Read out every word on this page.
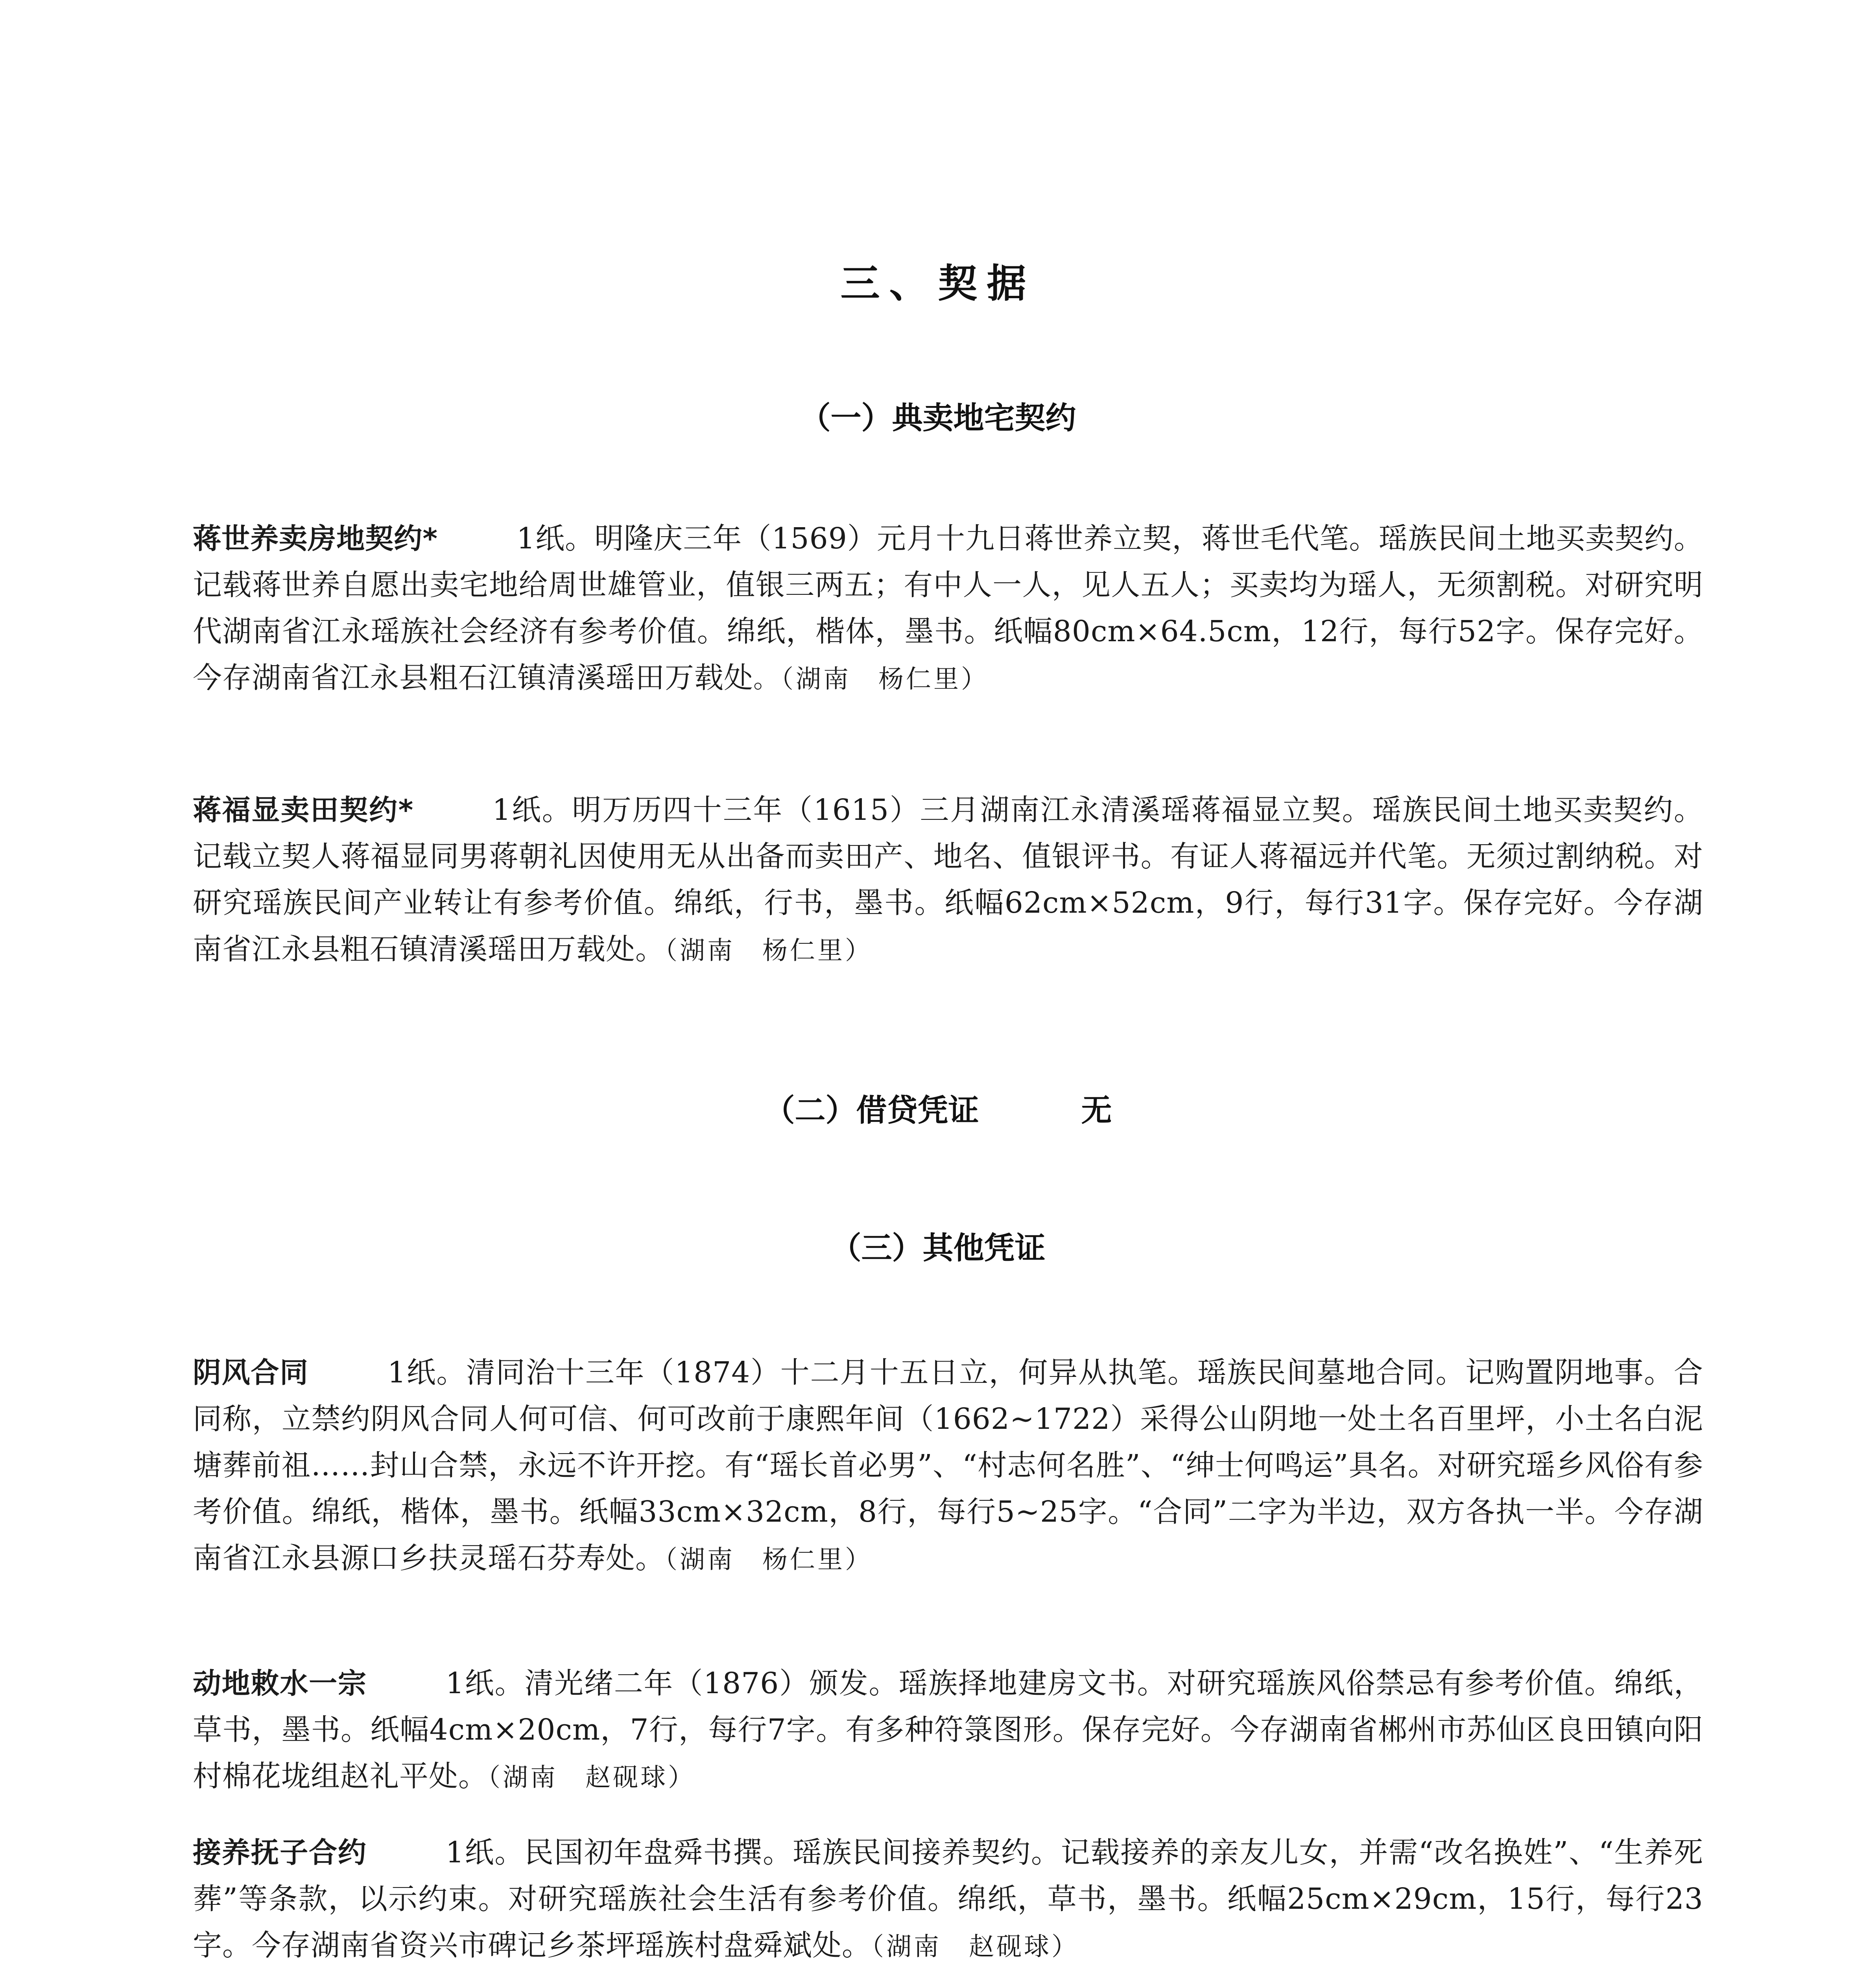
三、契据
（一）典卖地宅契约
蒋世养卖房地契约*	1纸。明隆庆三年（1569）元月十九日蒋世养立契，蒋世毛代笔。瑶族民间土地买卖契约。记载蒋世养自愿出卖宅地给周世雄管业，值银三两五；有中人一人，见人五人；买卖均为瑶人，无须割税。对研究明代湖南省江永瑶族社会经济有参考价值。绵纸，楷体，墨书。纸幅80cm×64.5cm，12行，每行52字。保存完好。今存湖南省江永县粗石江镇清溪瑶田万载处。（湖南　杨仁里）
蒋福显卖田契约*	1纸。明万历四十三年（1615）三月湖南江永清溪瑶蒋福显立契。瑶族民间土地买卖契约。记载立契人蒋福显同男蒋朝礼因使用无从出备而卖田产、地名、值银评书。有证人蒋福远并代笔。无须过割纳税。对研究瑶族民间产业转让有参考价值。绵纸，行书，墨书。纸幅62cm×52cm，9行，每行31字。保存完好。今存湖南省江永县粗石镇清溪瑶田万载处。（湖南　杨仁里）
（二）借贷凭证	无
（三）其他凭证
阴风合同	1纸。清同治十三年（1874）十二月十五日立，何异从执笔。瑶族民间墓地合同。记购置阴地事。合同称，立禁约阴风合同人何可信、何可改前于康熙年间（1662~1722）采得公山阴地一处土名百里坪，小土名白泥塘葬前祖……封山合禁，永远不许开挖。有“瑶长首必男”、“村志何名胜”、“绅士何鸣运”具名。对研究瑶乡风俗有参考价值。绵纸，楷体，墨书。纸幅33cm×32cm，8行，每行5~25字。“合同”二字为半边，双方各执一半。今存湖南省江永县源口乡扶灵瑶石芬寿处。（湖南　杨仁里）
动地敕水一宗	1纸。清光绪二年（1876）颁发。瑶族择地建房文书。对研究瑶族风俗禁忌有参考价值。绵纸，草书，墨书。纸幅4cm×20cm，7行，每行7字。有多种符箓图形。保存完好。今存湖南省郴州市苏仙区良田镇向阳村棉花垅组赵礼平处。（湖南　赵砚球）
接养抚子合约	1纸。民国初年盘舜书撰。瑶族民间接养契约。记载接养的亲友儿女，并需“改名换姓”、“生养死葬”等条款，以示约束。对研究瑶族社会生活有参考价值。绵纸，草书，墨书。纸幅25cm×29cm，15行，每行23字。今存湖南省资兴市碑记乡茶坪瑶族村盘舜斌处。（湖南　赵砚球）
